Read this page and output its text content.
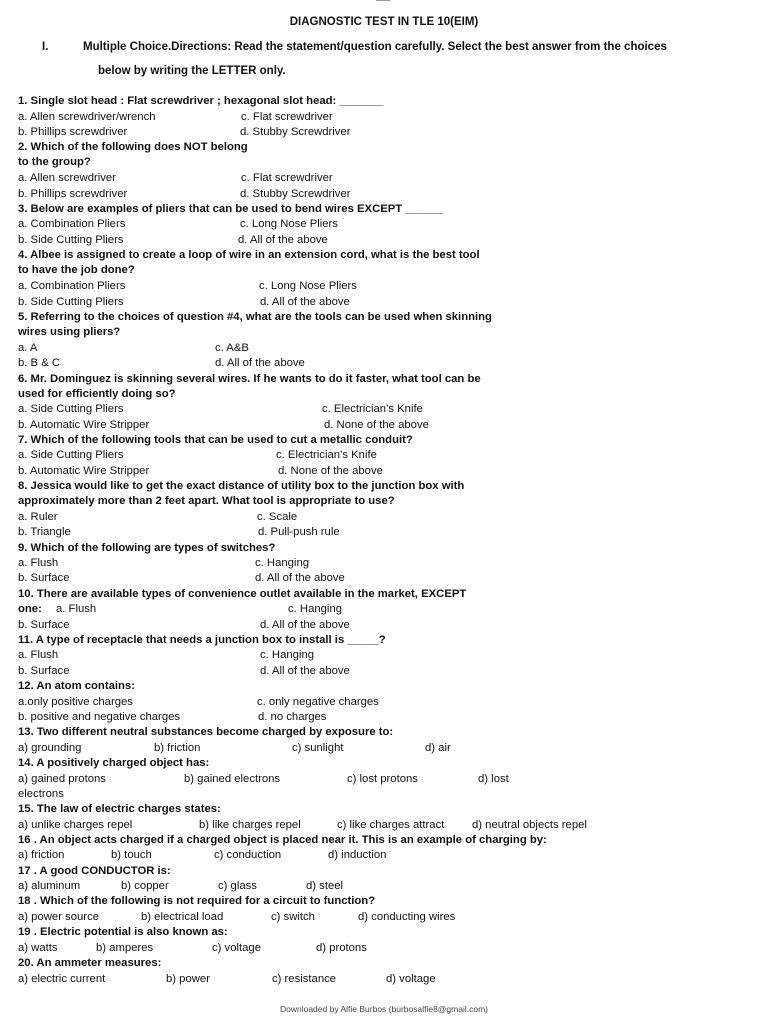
DIAGNOSTIC TEST IN TLE 10(EIM)
I.	Multiple Choice.Directions: Read the statement/question carefully. Select the best answer from the choices
below by writing the LETTER only.
1. Single slot head : Flat screwdriver ; hexagonal slot head: _______
a. Allen screwdriver/wrench	c. Flat screwdriver
b. Phillips screwdriver	d. Stubby Screwdriver
2. Which of the following does NOT belong
to the group?
a. Allen screwdriver	c. Flat screwdriver
b. Phillips screwdriver	d. Stubby Screwdriver
3. Below are examples of pliers that can be used to bend wires EXCEPT ______
a. Combination Pliers	c. Long Nose Pliers
b. Side Cutting Pliers	d. All of the above
4. Albee is assigned to create a loop of wire in an extension cord, what is the best tool
to have the job done?
a. Combination Pliers	c. Long Nose Pliers
b. Side Cutting Pliers	d. All of the above
5. Referring to the choices of question #4, what are the tools can be used when skinning
wires using pliers?
a. A	c. A&B
b. B & C	d. All of the above
6. Mr. Dominguez is skinning several wires. If he wants to do it faster, what tool can be
used for efficiently doing so?
a. Side Cutting Pliers	c. Electrician’s Knife
b. Automatic Wire Stripper	d. None of the above
7. Which of the following tools that can be used to cut a metallic conduit?
a. Side Cutting Pliers	c. Electrician’s Knife
b. Automatic Wire Stripper	d. None of the above
8. Jessica would like to get the exact distance of utility box to the junction box with
approximately more than 2 feet apart. What tool is appropriate to use?
a. Ruler	c. Scale
b. Triangle	d. Pull-push rule
9. Which of the following are types of switches?
a. Flush	c. Hanging
b. Surface	d. All of the above
10. There are available types of convenience outlet available in the market, EXCEPT
one: a. Flush	c. Hanging
b. Surface	d. All of the above
11. A type of receptacle that needs a junction box to install is _____?
a. Flush	c. Hanging
b. Surface	d. All of the above
12. An atom contains:
a.only positive charges	c. only negative charges
b. positive and negative charges	d. no charges
13. Two different neutral substances become charged by exposure to:
a) grounding	b) friction	c) sunlight	d) air
14. A positively charged object has:
a) gained protons	b) gained electrons	c) lost protons	d) lost
electrons
15. The law of electric charges states:
a) unlike charges repel	b) like charges repel	c) like charges attract d) neutral objects repel
16 . An object acts charged if a charged object is placed near it. This is an example of charging by:
a) friction	b) touch	c) conduction	d) induction
17 . A good CONDUCTOR is:
a) aluminum	b) copper	c) glass	d) steel
18 . Which of the following is not required for a circuit to function?
a) power source	b) electrical load	c) switch	d) conducting wires
19 . Electric potential is also known as:
a) watts	b) amperes	c) voltage	d) protons
20. An ammeter measures:
a) electric current	b) power	c) resistance	d) voltage
Downloaded by Alfie Burbos (burbosalfie8@gmail.com)
